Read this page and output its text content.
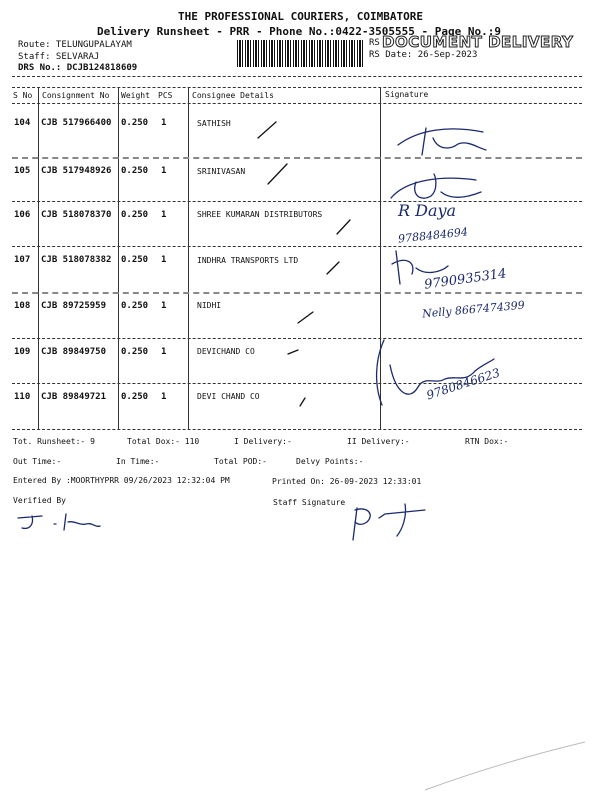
THE PROFESSIONAL COURIERS, COIMBATORE
Delivery Runsheet - PRR - Phone No.:0422-3505555 - Page No.:9
Route: TELUNGUPALAYAM
Staff: SELVARAJ
DRS No.: DCJB124818609
RS
RS Date: 26-Sep-2023
DOCUMENT DELIVERY
S No Consignment No Weight PCS Consignee Details	Signature
104 CJB 517966400 0.250 1	SATHISH
105 CJB 517948926 0.250 1	SRINIVASAN
106 CJB 518078370 0.250 1	SHREE KUMARAN DISTRIBUTORS
107 CJB 518078382 0.250 1	INDHRA TRANSPORTS LTD
108 CJB 89725959 0.250 1	NIDHI
109 CJB 89849750 0.250 1	DEVICHAND CO
110 CJB 89849721 0.250 1	DEVI CHAND CO
R Daya
9788484694
9790935314
Nelly 8667474399
9780846623
Tot. Runsheet:- 9	Total Dox:- 110	I Delivery:-	II Delivery:-	RTN Dox:-
Out Time:-	In Time:-	Total POD:-	Delvy Points:-
Entered By :MOORTHYPRR 09/26/2023 12:32:04 PM	Printed On: 26-09-2023 12:33:01
Verified By	Staff Signature
